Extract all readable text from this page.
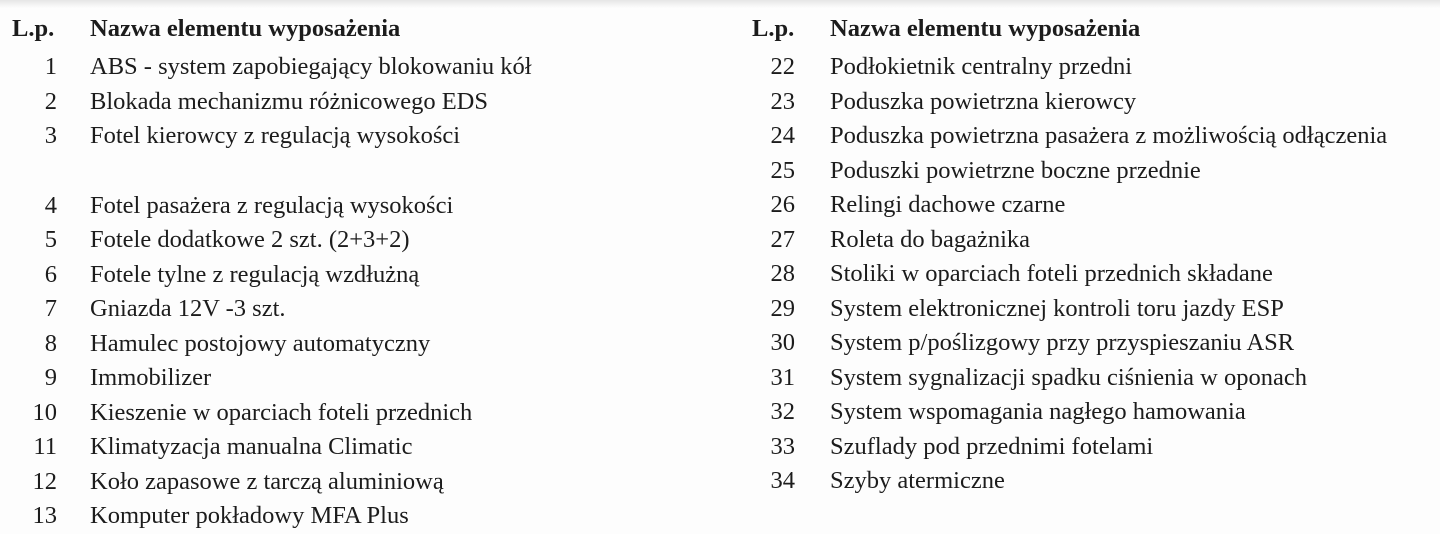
L.p.	Nazwa elementu wyposażenia
1	ABS - system zapobiegający blokowaniu kół
2	Blokada mechanizmu różnicowego EDS
3	Fotel kierowcy z regulacją wysokości
4	Fotel pasażera z regulacją wysokości
5	Fotele dodatkowe 2 szt. (2+3+2)
6	Fotele tylne z regulacją wzdłużną
7	Gniazda 12V -3 szt.
8	Hamulec postojowy automatyczny
9	Immobilizer
10	Kieszenie w oparciach foteli przednich
11	Klimatyzacja manualna Climatic
12	Koło zapasowe z tarczą aluminiową
13	Komputer pokładowy MFA Plus
L.p.	Nazwa elementu wyposażenia
22	Podłokietnik centralny przedni
23	Poduszka powietrzna kierowcy
24	Poduszka powietrzna pasażera z możliwością odłączenia
25	Poduszki powietrzne boczne przednie
26	Relingi dachowe czarne
27	Roleta do bagażnika
28	Stoliki w oparciach foteli przednich składane
29	System elektronicznej kontroli toru jazdy ESP
30	System p/poślizgowy przy przyspieszaniu ASR
31	System sygnalizacji spadku ciśnienia w oponach
32	System wspomagania nagłego hamowania
33	Szuflady pod przednimi fotelami
34	Szyby atermiczne
